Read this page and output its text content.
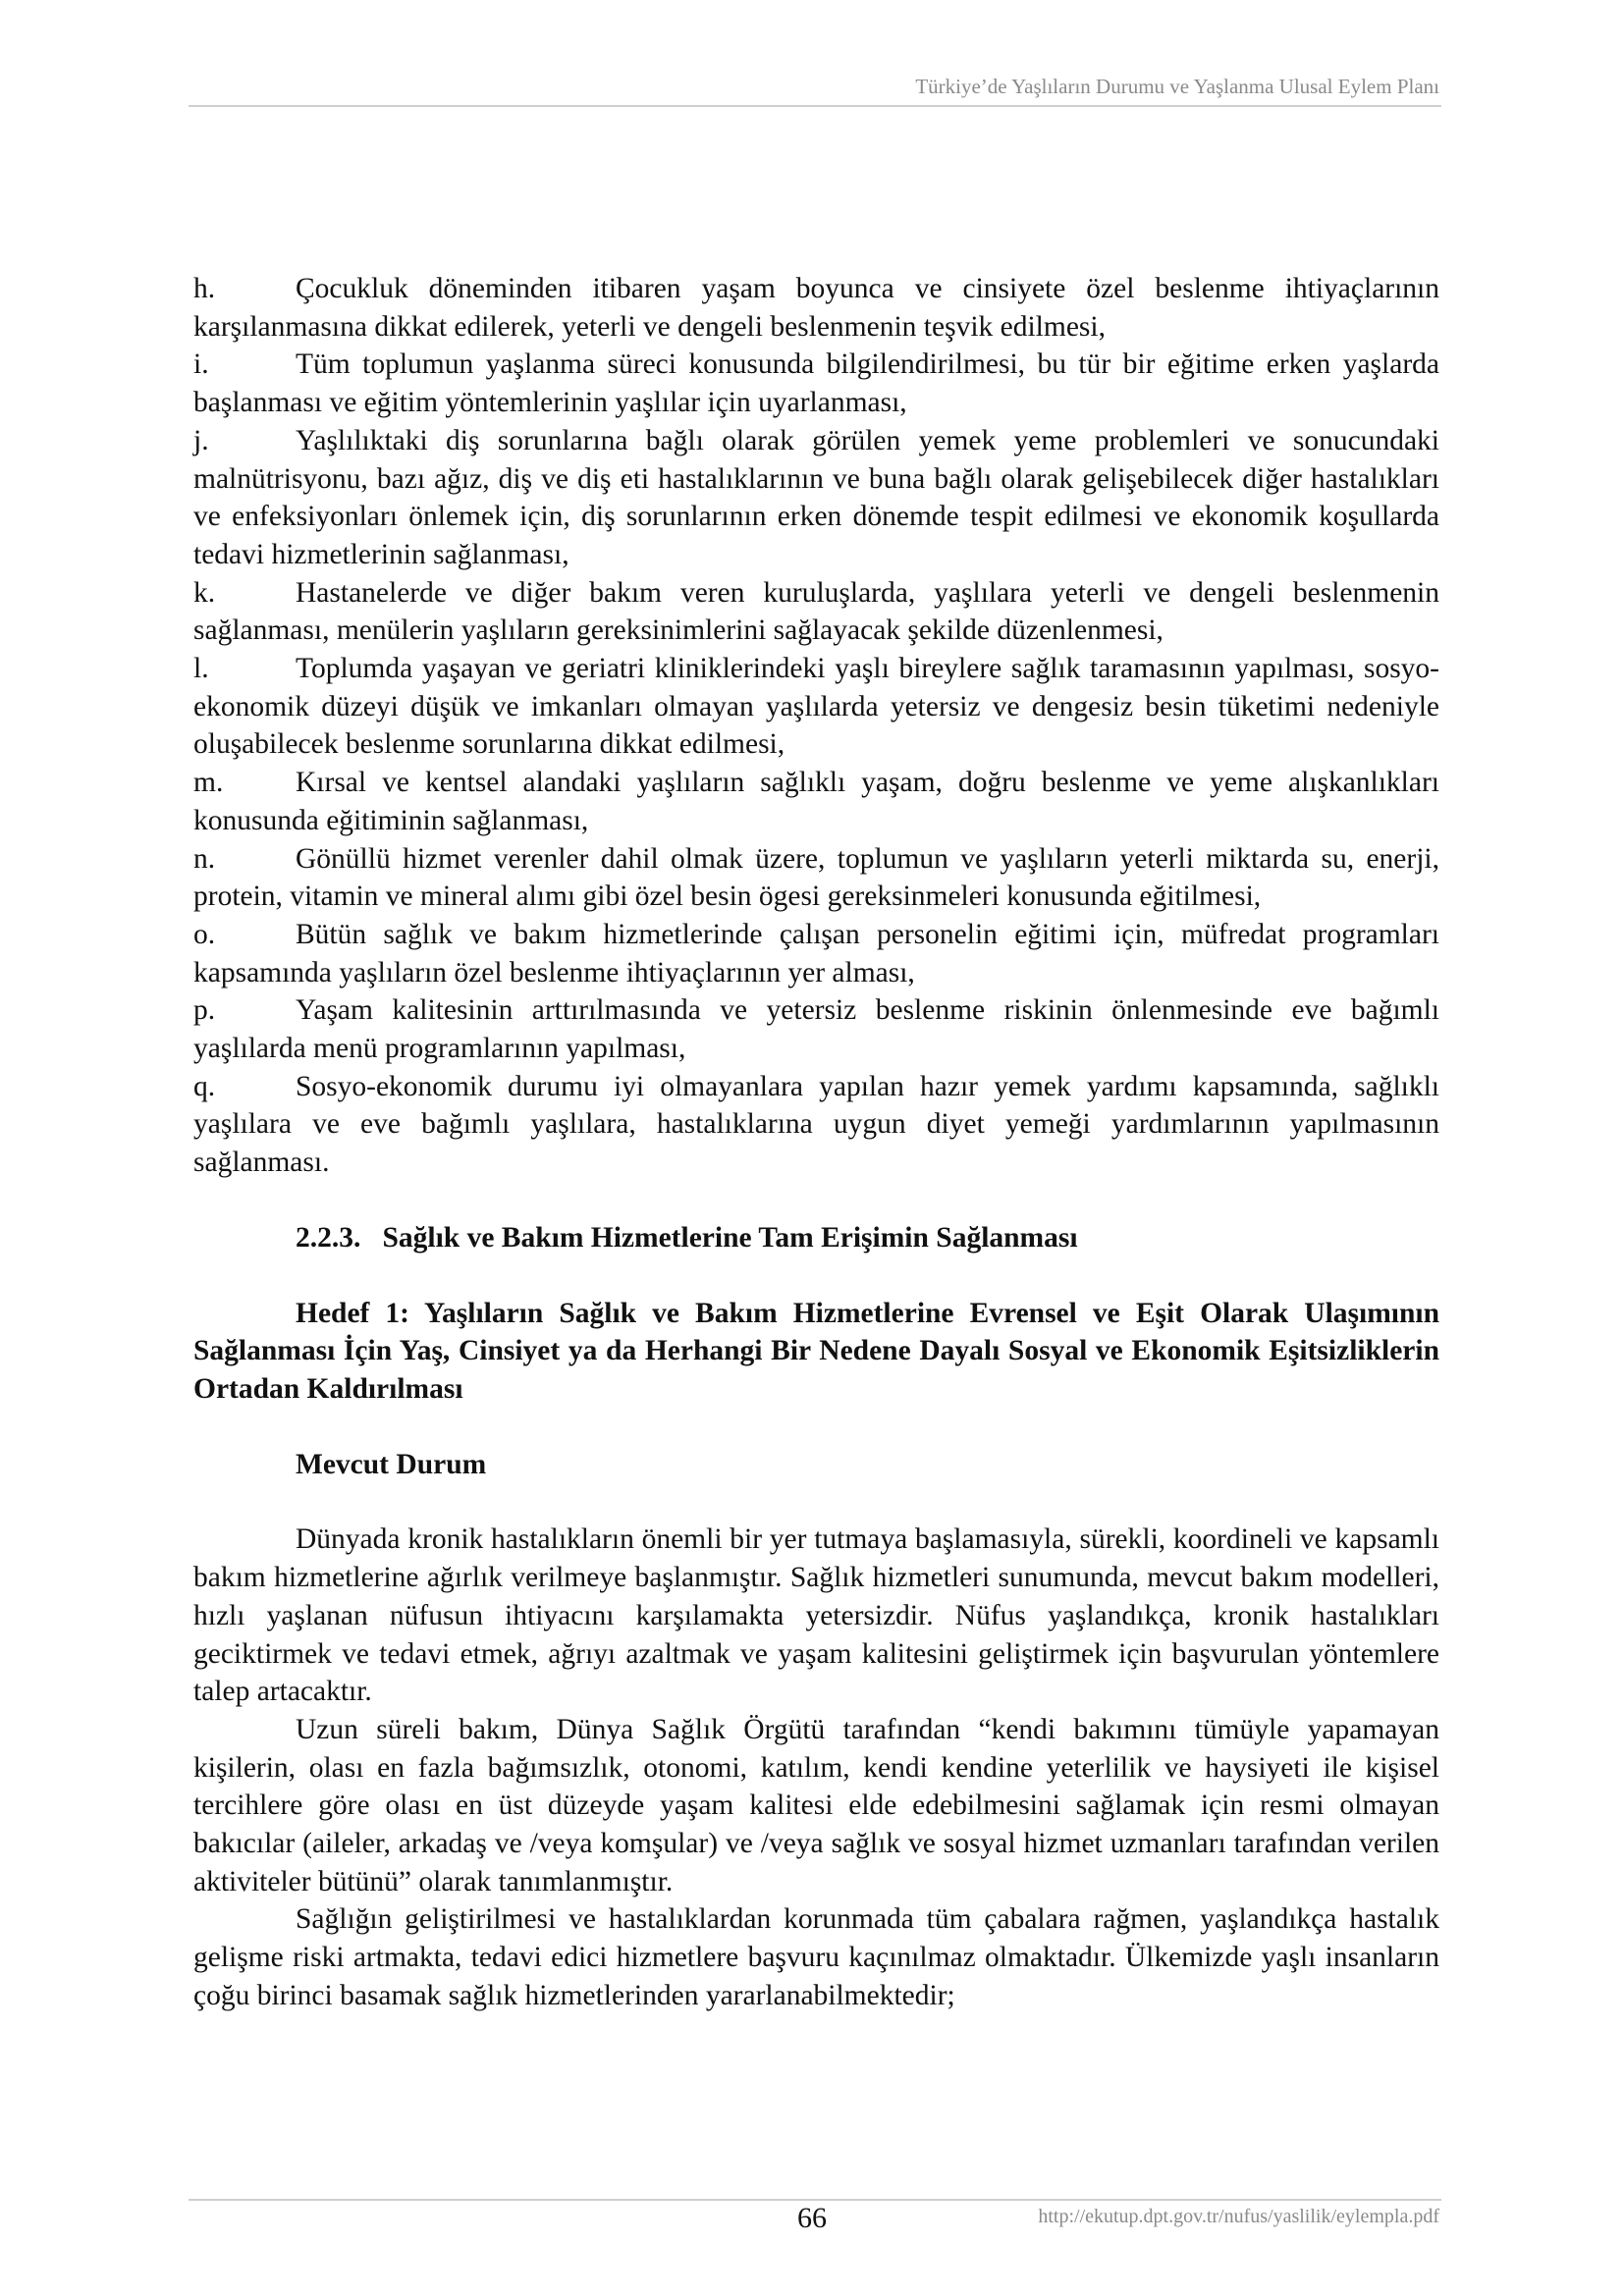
Türkiye’de Yaşlıların Durumu ve Yaşlanma Ulusal Eylem Planı

h.	Çocukluk döneminden itibaren yaşam boyunca ve cinsiyete özel beslenme ihtiyaçlarının karşılanmasına dikkat edilerek, yeterli ve dengeli beslenmenin teşvik edilmesi,

i.	Tüm toplumun yaşlanma süreci konusunda bilgilendirilmesi, bu tür bir eğitime erken yaşlarda başlanması ve eğitim yöntemlerinin yaşlılar için uyarlanması,

j.	Yaşlılıktaki diş sorunlarına bağlı olarak görülen yemek yeme problemleri ve sonucundaki malnütrisyonu, bazı ağız, diş ve diş eti hastalıklarının ve buna bağlı olarak gelişebilecek diğer hastalıkları ve enfeksiyonları önlemek için, diş sorunlarının erken dönemde tespit edilmesi ve ekonomik koşullarda tedavi hizmetlerinin sağlanması,

k.	Hastanelerde ve diğer bakım veren kuruluşlarda, yaşlılara yeterli ve dengeli beslenmenin sağlanması, menülerin yaşlıların gereksinimlerini sağlayacak şekilde düzenlenmesi,

l.	Toplumda yaşayan ve geriatri kliniklerindeki yaşlı bireylere sağlık taramasının yapılması, sosyo-ekonomik düzeyi düşük ve imkanları olmayan yaşlılarda yetersiz ve dengesiz besin tüketimi nedeniyle oluşabilecek beslenme sorunlarına dikkat edilmesi,

m. Kırsal ve kentsel alandaki yaşlıların sağlıklı yaşam, doğru beslenme ve yeme alışkanlıkları konusunda eğitiminin sağlanması,

n.	Gönüllü hizmet verenler dahil olmak üzere, toplumun ve yaşlıların yeterli miktarda su, enerji, protein, vitamin ve mineral alımı gibi özel besin ögesi gereksinmeleri konusunda eğitilmesi,

o.	Bütün sağlık ve bakım hizmetlerinde çalışan personelin eğitimi için, müfredat programları kapsamında yaşlıların özel beslenme ihtiyaçlarının yer alması,

p.	Yaşam kalitesinin arttırılmasında ve yetersiz beslenme riskinin önlenmesinde eve bağımlı yaşlılarda menü programlarının yapılması,

q.	Sosyo-ekonomik durumu iyi olmayanlara yapılan hazır yemek yardımı kapsamında, sağlıklı yaşlılara ve eve bağımlı yaşlılara, hastalıklarına uygun diyet yemeği yardımlarının yapılmasının sağlanması.

2.2.3. Sağlık ve Bakım Hizmetlerine Tam Erişimin Sağlanması

Hedef 1: Yaşlıların Sağlık ve Bakım Hizmetlerine Evrensel ve Eşit Olarak Ulaşımının Sağlanması İçin Yaş, Cinsiyet ya da Herhangi Bir Nedene Dayalı Sosyal ve Ekonomik Eşitsizliklerin Ortadan Kaldırılması

Mevcut Durum

Dünyada kronik hastalıkların önemli bir yer tutmaya başlamasıyla, sürekli, koordineli ve kapsamlı bakım hizmetlerine ağırlık verilmeye başlanmıştır. Sağlık hizmetleri sunumunda, mevcut bakım modelleri, hızlı yaşlanan nüfusun ihtiyacını karşılamakta yetersizdir. Nüfus yaşlandıkça, kronik hastalıkları geciktirmek ve tedavi etmek, ağrıyı azaltmak ve yaşam kalitesini geliştirmek için başvurulan yöntemlere talep artacaktır.

Uzun süreli bakım, Dünya Sağlık Örgütü tarafından “kendi bakımını tümüyle yapamayan kişilerin, olası en fazla bağımsızlık, otonomi, katılım, kendi kendine yeterlilik ve haysiyeti ile kişisel tercihlere göre olası en üst düzeyde yaşam kalitesi elde edebilmesini sağlamak için resmi olmayan bakıcılar (aileler, arkadaş ve /veya komşular) ve /veya sağlık ve sosyal hizmet uzmanları tarafından verilen aktiviteler bütünü” olarak tanımlanmıştır.

Sağlığın geliştirilmesi ve hastalıklardan korunmada tüm çabalara rağmen, yaşlandıkça hastalık gelişme riski artmakta, tedavi edici hizmetlere başvuru kaçınılmaz olmaktadır. Ülkemizde yaşlı insanların çoğu birinci basamak sağlık hizmetlerinden yararlanabilmektedir;

66	http://ekutup.dpt.gov.tr/nufus/yaslilik/eylempla.pdf
